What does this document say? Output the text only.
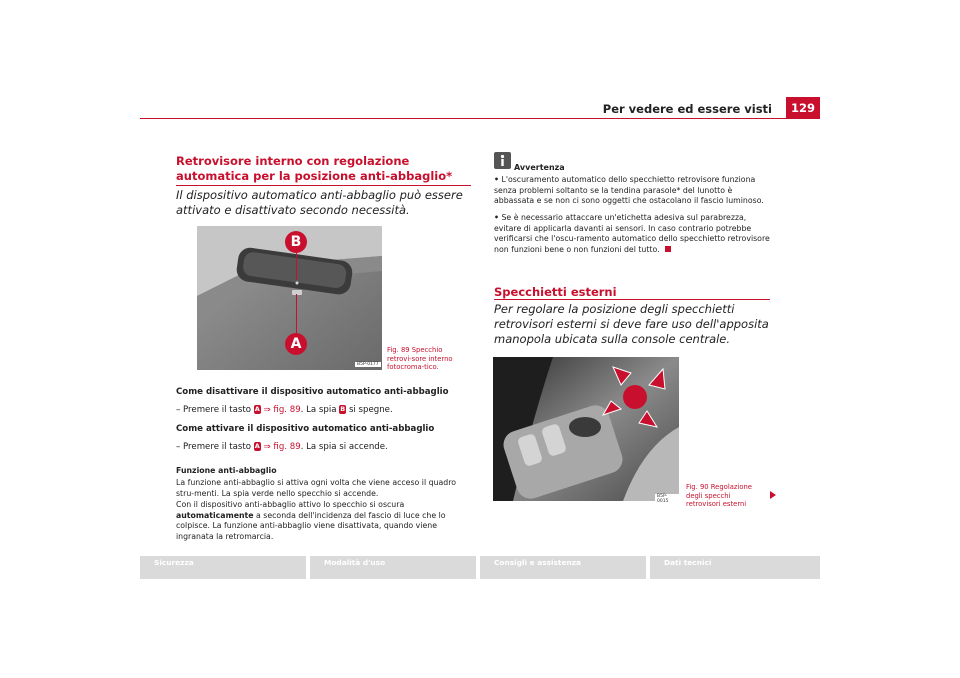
Per vedere ed essere visti	129
Retrovisore interno con regolazione automatica per la posizione anti-abbaglio*
Il dispositivo automatico anti-abbaglio può essere attivato e disattivato secondo necessità.
B
A
B5P-0177
Fig. 89 Specchio retrovi-sore interno fotocroma-tico.
Come disattivare il dispositivo automatico anti-abbaglio
– Premere il tasto A ⇒ fig. 89. La spia B si spegne.
Come attivare il dispositivo automatico anti-abbaglio
– Premere il tasto A ⇒ fig. 89. La spia si accende.
Funzione anti-abbaglio
La funzione anti-abbaglio si attiva ogni volta che viene acceso il quadro stru-menti. La spia verde nello specchio si accende.
Con il dispositivo anti-abbaglio attivo lo specchio si oscura automaticamente a seconda dell'incidenza del fascio di luce che lo colpisce. La funzione anti-abbaglio viene disattivata, quando viene ingranata la retromarcia.
Avvertenza
• L'oscuramento automatico dello specchietto retrovisore funziona senza problemi soltanto se la tendina parasole* del lunotto è abbassata e se non ci sono oggetti che ostacolano il fascio luminoso.
• Se è necessario attaccare un'etichetta adesiva sul parabrezza, evitare di applicarla davanti ai sensori. In caso contrario potrebbe verificarsi che l'oscu-ramento automatico dello specchietto retrovisore non funzioni bene o non funzioni del tutto.
Specchietti esterni
Per regolare la posizione degli specchietti retrovisori esterni si deve fare uso dell'apposita manopola ubicata sulla console centrale.
B5P-0015
Fig. 90 Regolazione degli specchi retrovisori esterni
Sicurezza	Modalità d'uso	Consigli e assistenza	Dati tecnici
